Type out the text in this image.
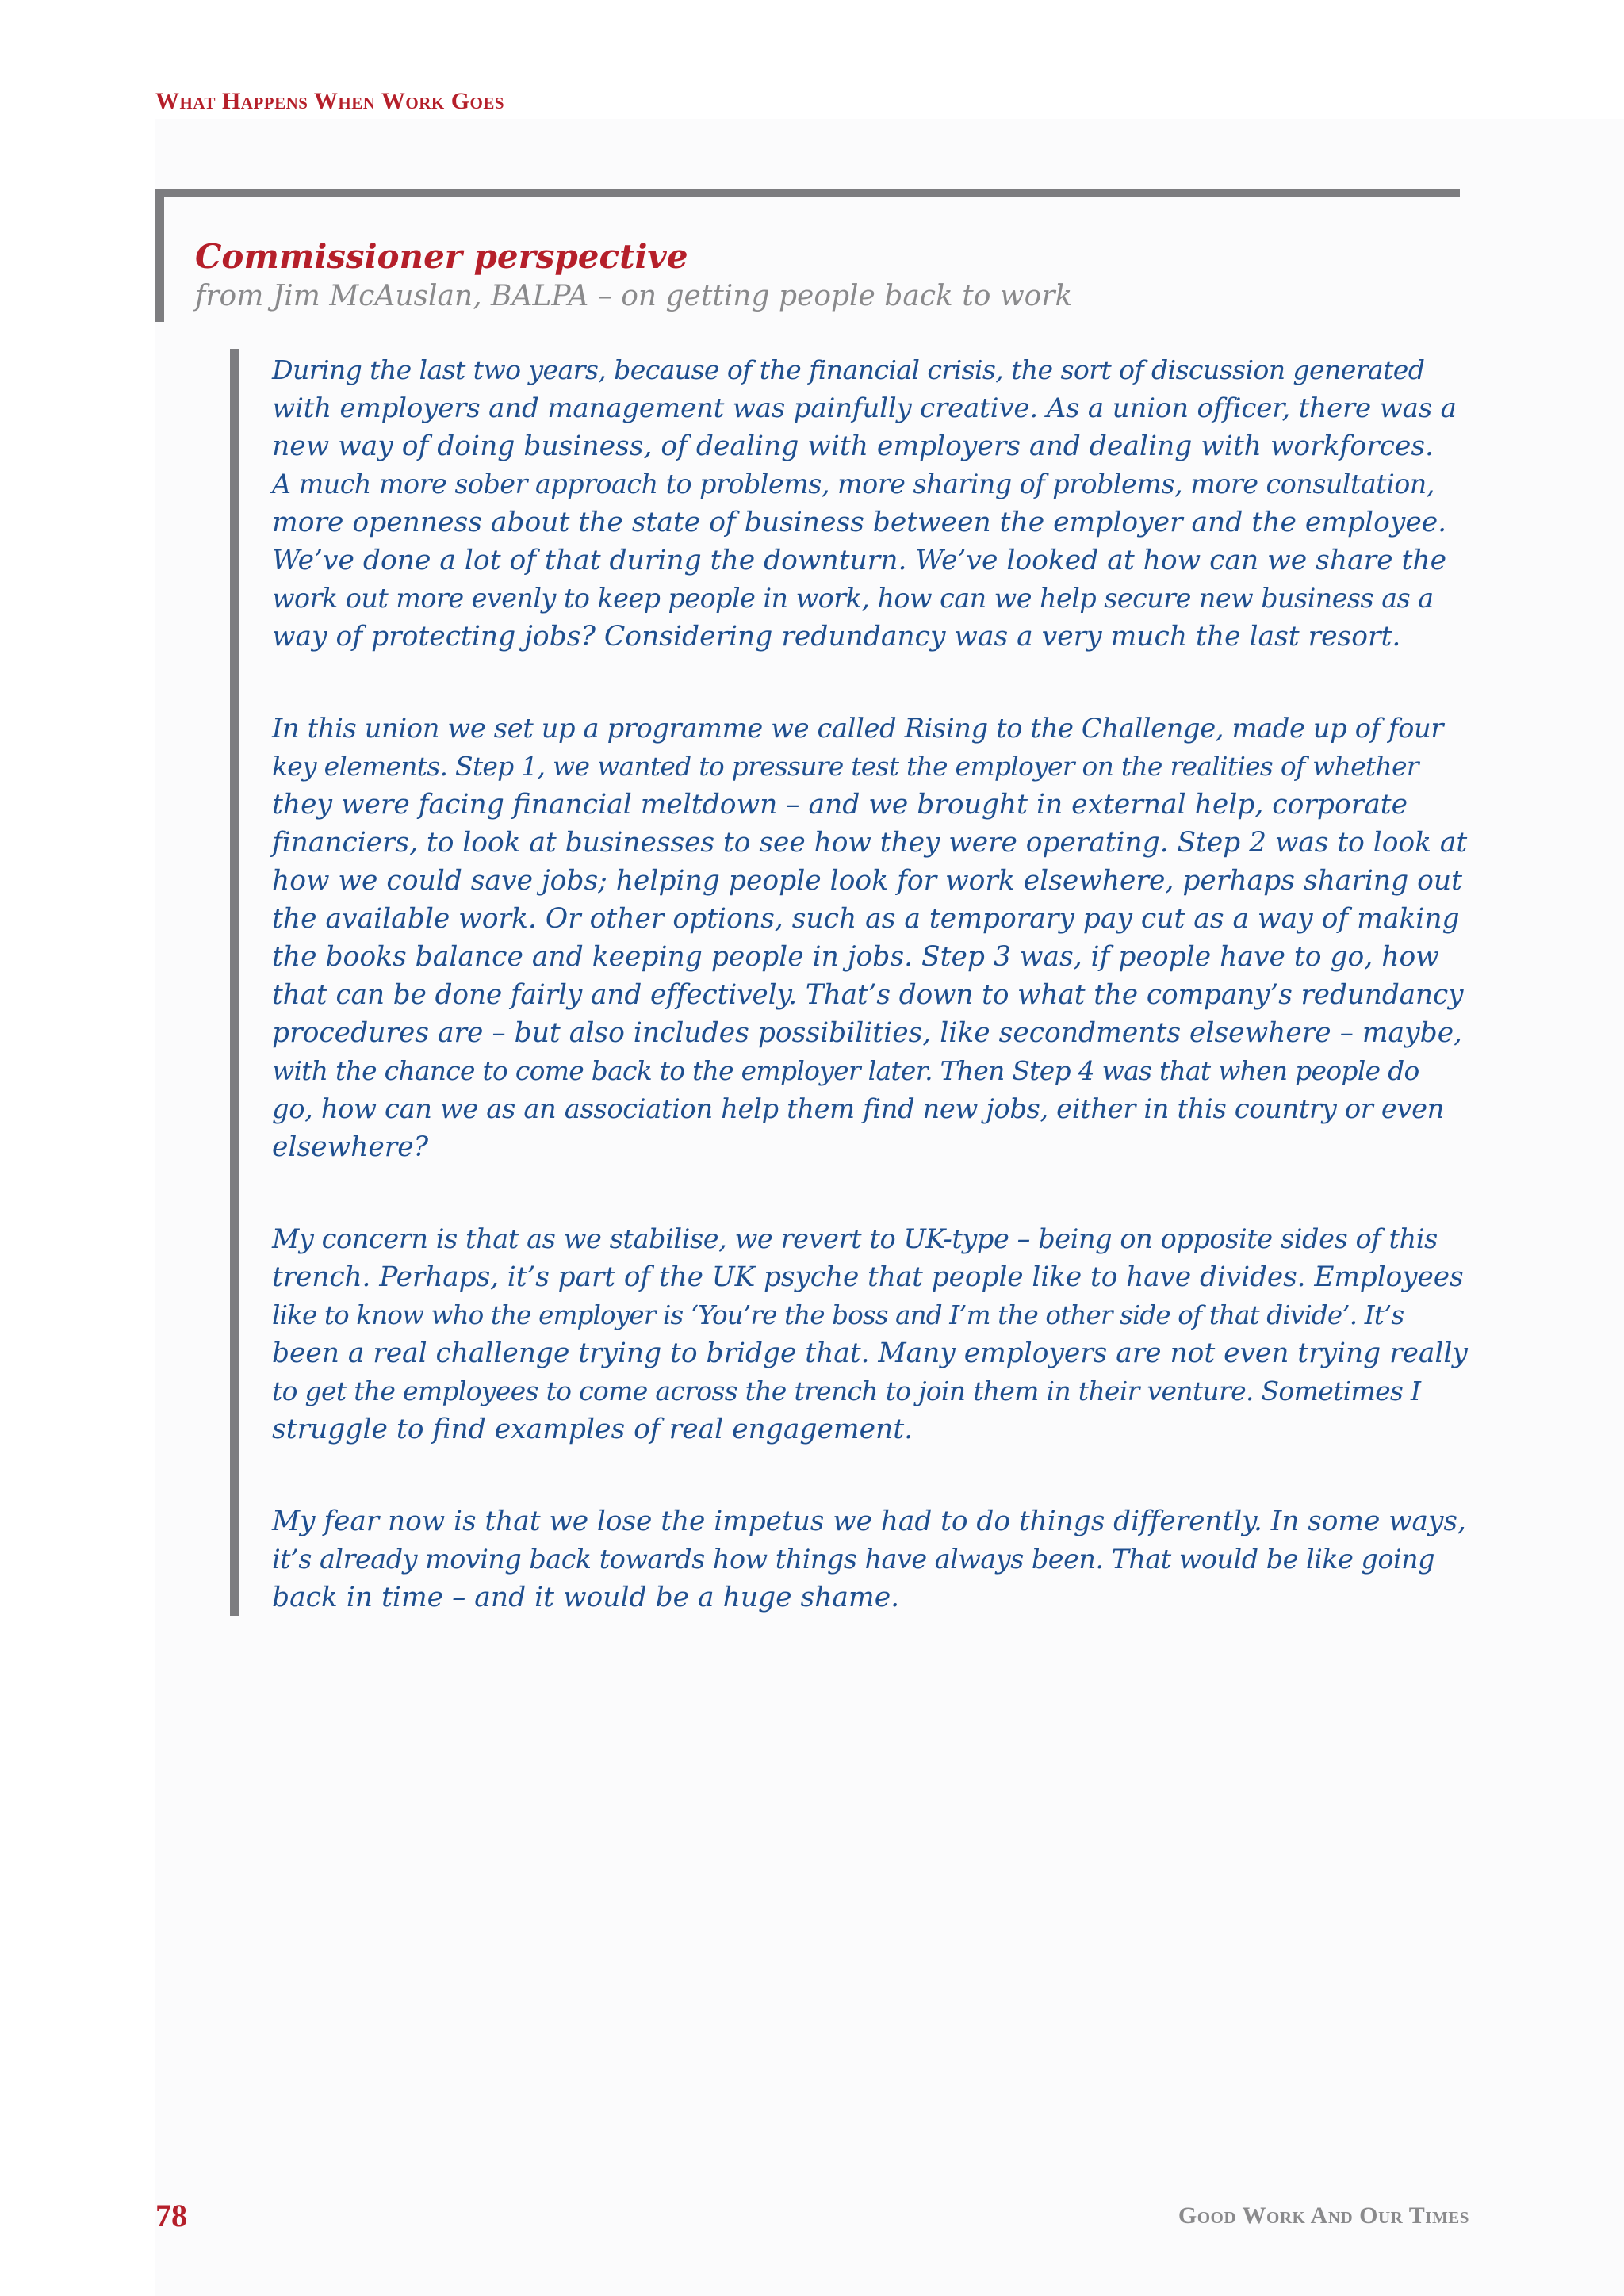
What Happens When Work Goes
Commissioner perspective
from Jim McAuslan, BALPA – on getting people back to work

During the last two years, because of the financial crisis, the sort of discussion generated
with employers and management was painfully creative. As a union officer, there was a
new way of doing business, of dealing with employers and dealing with workforces.
A much more sober approach to problems, more sharing of problems, more consultation,
more openness about the state of business between the employer and the employee.
We’ve done a lot of that during the downturn. We’ve looked at how can we share the
work out more evenly to keep people in work, how can we help secure new business as a
way of protecting jobs? Considering redundancy was a very much the last resort.

In this union we set up a programme we called Rising to the Challenge, made up of four
key elements. Step 1, we wanted to pressure test the employer on the realities of whether
they were facing financial meltdown – and we brought in external help, corporate
financiers, to look at businesses to see how they were operating. Step 2 was to look at
how we could save jobs; helping people look for work elsewhere, perhaps sharing out
the available work. Or other options, such as a temporary pay cut as a way of making
the books balance and keeping people in jobs. Step 3 was, if people have to go, how
that can be done fairly and effectively. That’s down to what the company’s redundancy
procedures are – but also includes possibilities, like secondments elsewhere – maybe,
with the chance to come back to the employer later. Then Step 4 was that when people do
go, how can we as an association help them find new jobs, either in this country or even
elsewhere?

My concern is that as we stabilise, we revert to UK-type – being on opposite sides of this
trench. Perhaps, it’s part of the UK psyche that people like to have divides. Employees
like to know who the employer is ‘You’re the boss and I’m the other side of that divide’. It’s
been a real challenge trying to bridge that. Many employers are not even trying really
to get the employees to come across the trench to join them in their venture. Sometimes I
struggle to find examples of real engagement.

My fear now is that we lose the impetus we had to do things differently. In some ways,
it’s already moving back towards how things have always been. That would be like going
back in time – and it would be a huge shame.

78	Good Work And Our Times
